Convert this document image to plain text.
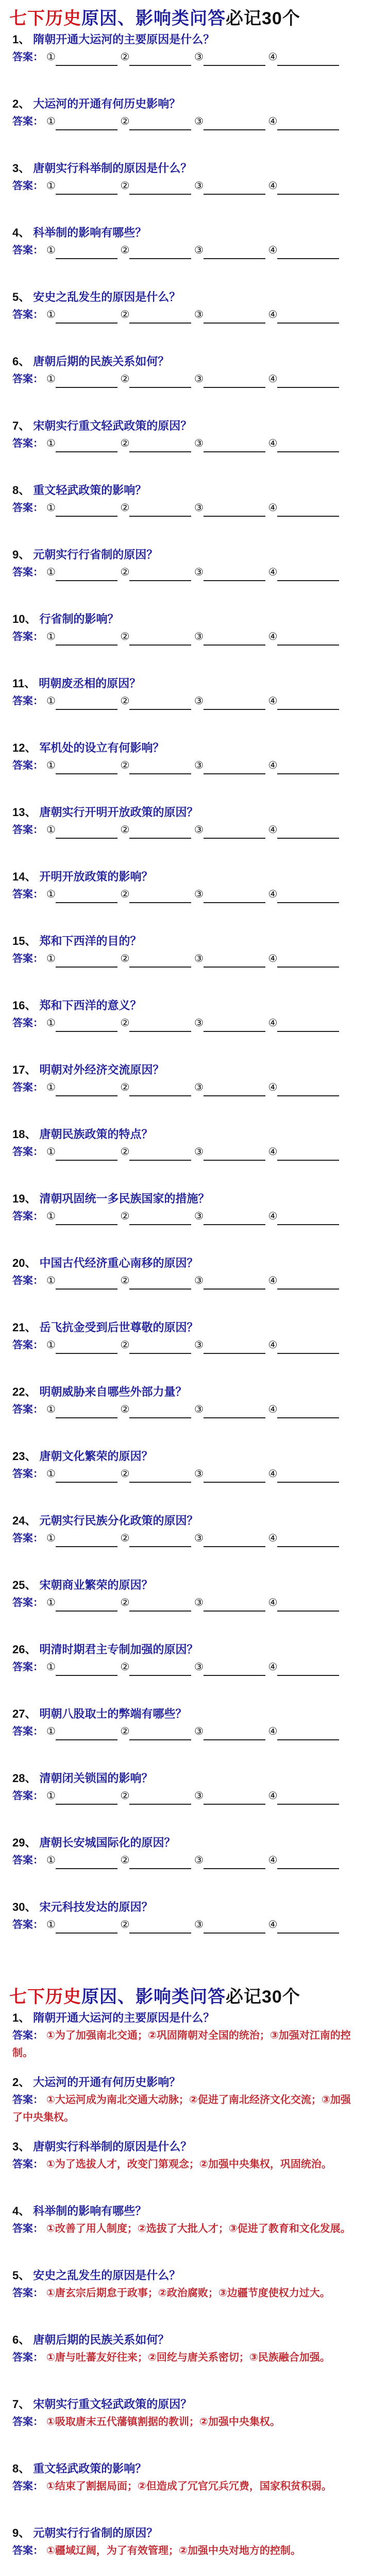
七下历史原因、影响类问答必记30个
1、 隋朝开通大运河的主要原因是什么？
答案： ①	②	③	④
2、 大运河的开通有何历史影响？
答案： ①	②	③	④
3、 唐朝实行科举制的原因是什么？
答案： ①	②	③	④
4、 科举制的影响有哪些？
答案： ①	②	③	④
5、 安史之乱发生的原因是什么？
答案： ①	②	③	④
6、 唐朝后期的民族关系如何？
答案： ①	②	③	④
7、 宋朝实行重文轻武政策的原因？
答案： ①	②	③	④
8、 重文轻武政策的影响？
答案： ①	②	③	④
9、 元朝实行行省制的原因？
答案： ①	②	③	④
10、 行省制的影响？
答案： ①	②	③	④
11、 明朝废丞相的原因？
答案： ①	②	③	④
12、 军机处的设立有何影响？
答案： ①	②	③	④
13、 唐朝实行开明开放政策的原因？
答案： ①	②	③	④
14、 开明开放政策的影响？
答案： ①	②	③	④
15、 郑和下西洋的目的？
答案： ①	②	③	④
16、 郑和下西洋的意义？
答案： ①	②	③	④
17、 明朝对外经济交流原因？
答案： ①	②	③	④
18、 唐朝民族政策的特点？
答案： ①	②	③	④
19、 清朝巩固统一多民族国家的措施？
答案： ①	②	③	④
20、 中国古代经济重心南移的原因？
答案： ①	②	③	④
21、 岳飞抗金受到后世尊敬的原因？
答案： ①	②	③	④
22、 明朝威胁来自哪些外部力量？
答案： ①	②	③	④
23、 唐朝文化繁荣的原因？
答案： ①	②	③	④
24、 元朝实行民族分化政策的原因？
答案： ①	②	③	④
25、 宋朝商业繁荣的原因？
答案： ①	②	③	④
26、 明清时期君主专制加强的原因？
答案： ①	②	③	④
27、 明朝八股取士的弊端有哪些？
答案： ①	②	③	④
28、 清朝闭关锁国的影响？
答案： ①	②	③	④
29、 唐朝长安城国际化的原因？
答案： ①	②	③	④
30、 宋元科技发达的原因？
答案： ①	②	③	④
七下历史原因、影响类问答必记30个
1、 隋朝开通大运河的主要原因是什么？
答案： ①为了加强南北交通；②巩固隋朝对全国的统治；③加强对江南的控制。
2、 大运河的开通有何历史影响？
答案： ①大运河成为南北交通大动脉；②促进了南北经济文化交流；③加强了中央集权。
3、 唐朝实行科举制的原因是什么？
答案： ①为了选拔人才，改变门第观念；②加强中央集权，巩固统治。
4、 科举制的影响有哪些？
答案： ①改善了用人制度；②选拔了大批人才；③促进了教育和文化发展。
5、 安史之乱发生的原因是什么？
答案： ①唐玄宗后期怠于政事；②政治腐败；③边疆节度使权力过大。
6、 唐朝后期的民族关系如何？
答案： ①唐与吐蕃友好往来；②回纥与唐关系密切；③民族融合加强。
7、 宋朝实行重文轻武政策的原因？
答案： ①吸取唐末五代藩镇割据的教训；②加强中央集权。
8、 重文轻武政策的影响？
答案： ①结束了割据局面；②但造成了冗官冗兵冗费，国家积贫积弱。
9、 元朝实行行省制的原因？
答案： ①疆域辽阔，为了有效管理；②加强中央对地方的控制。
